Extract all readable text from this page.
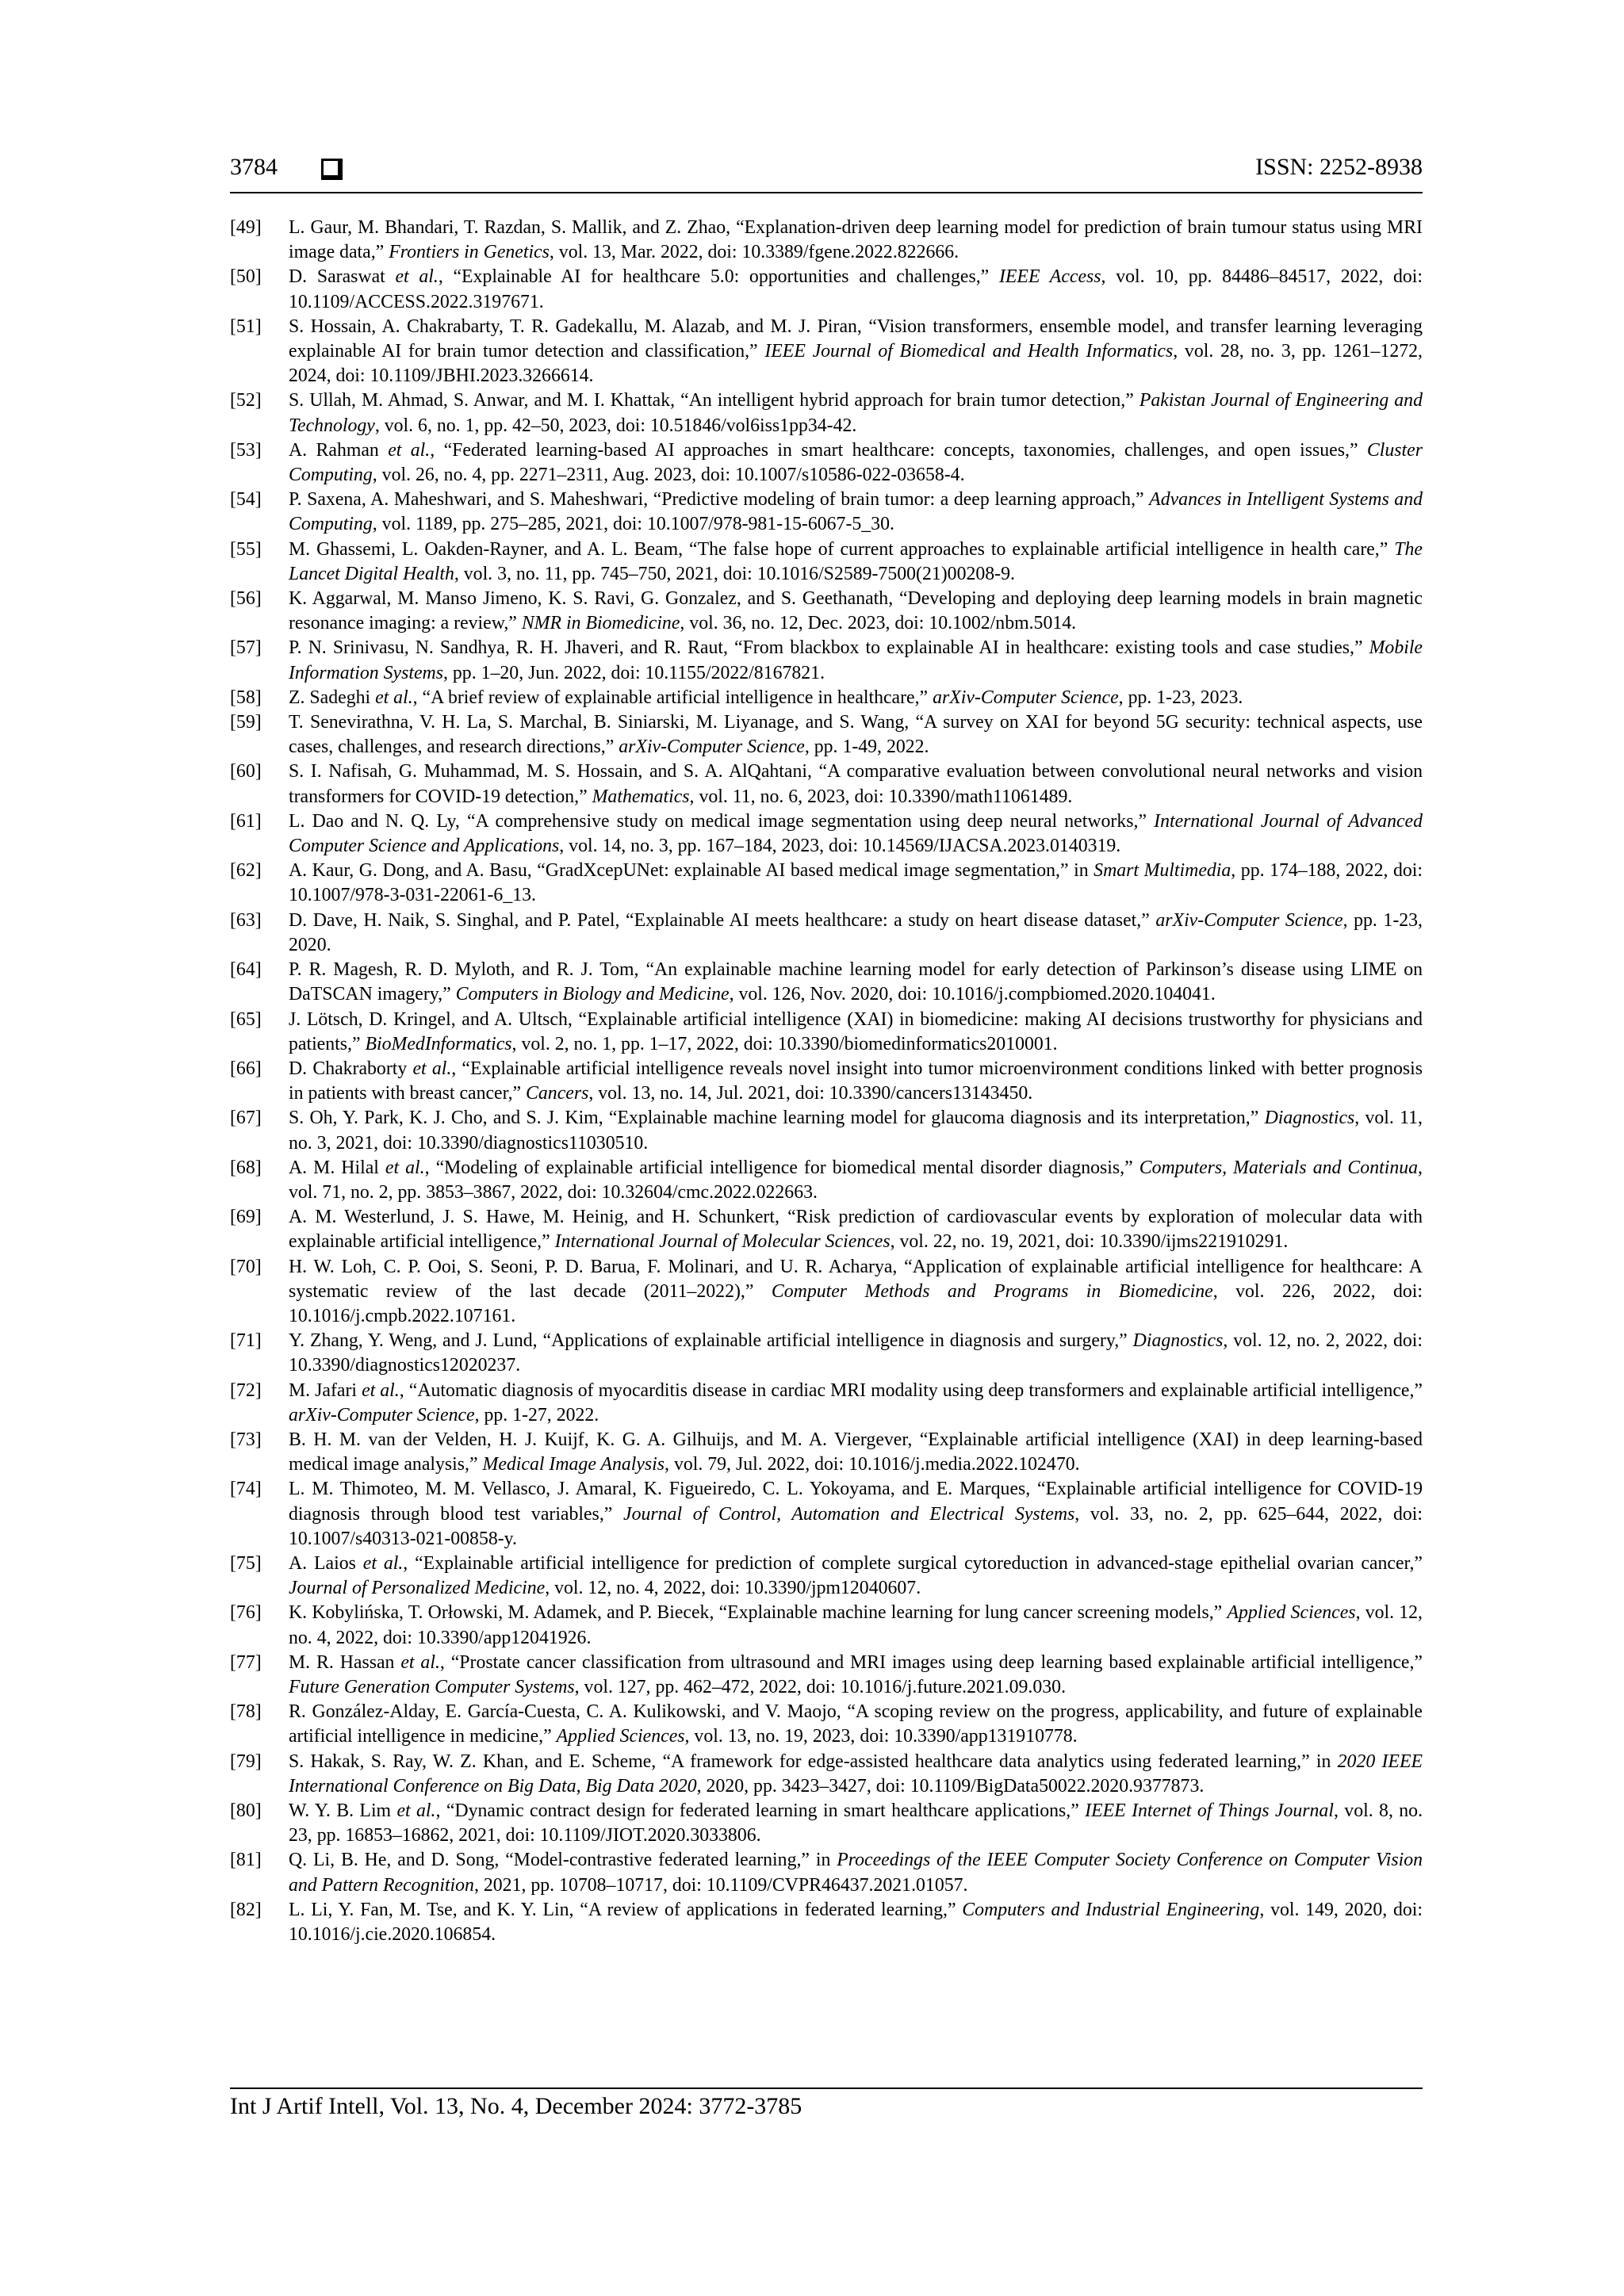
3784	ISSN: 2252-8938
[49] L. Gaur, M. Bhandari, T. Razdan, S. Mallik, and Z. Zhao, “Explanation-driven deep learning model for prediction of brain tumour status using MRI image data,” Frontiers in Genetics, vol. 13, Mar. 2022, doi: 10.3389/fgene.2022.822666.
[50] D. Saraswat et al., “Explainable AI for healthcare 5.0: opportunities and challenges,” IEEE Access, vol. 10, pp. 84486–84517, 2022, doi: 10.1109/ACCESS.2022.3197671.
[51] S. Hossain, A. Chakrabarty, T. R. Gadekallu, M. Alazab, and M. J. Piran, “Vision transformers, ensemble model, and transfer learning leveraging explainable AI for brain tumor detection and classification,” IEEE Journal of Biomedical and Health Informatics, vol. 28, no. 3, pp. 1261–1272, 2024, doi: 10.1109/JBHI.2023.3266614.
[52] S. Ullah, M. Ahmad, S. Anwar, and M. I. Khattak, “An intelligent hybrid approach for brain tumor detection,” Pakistan Journal of Engineering and Technology, vol. 6, no. 1, pp. 42–50, 2023, doi: 10.51846/vol6iss1pp34-42.
[53] A. Rahman et al., “Federated learning-based AI approaches in smart healthcare: concepts, taxonomies, challenges, and open issues,” Cluster Computing, vol. 26, no. 4, pp. 2271–2311, Aug. 2023, doi: 10.1007/s10586-022-03658-4.
[54] P. Saxena, A. Maheshwari, and S. Maheshwari, “Predictive modeling of brain tumor: a deep learning approach,” Advances in Intelligent Systems and Computing, vol. 1189, pp. 275–285, 2021, doi: 10.1007/978-981-15-6067-5_30.
[55] M. Ghassemi, L. Oakden-Rayner, and A. L. Beam, “The false hope of current approaches to explainable artificial intelligence in health care,” The Lancet Digital Health, vol. 3, no. 11, pp. 745–750, 2021, doi: 10.1016/S2589-7500(21)00208-9.
[56] K. Aggarwal, M. Manso Jimeno, K. S. Ravi, G. Gonzalez, and S. Geethanath, “Developing and deploying deep learning models in brain magnetic resonance imaging: a review,” NMR in Biomedicine, vol. 36, no. 12, Dec. 2023, doi: 10.1002/nbm.5014.
[57] P. N. Srinivasu, N. Sandhya, R. H. Jhaveri, and R. Raut, “From blackbox to explainable AI in healthcare: existing tools and case studies,” Mobile Information Systems, pp. 1–20, Jun. 2022, doi: 10.1155/2022/8167821.
[58] Z. Sadeghi et al., “A brief review of explainable artificial intelligence in healthcare,” arXiv-Computer Science, pp. 1-23, 2023.
[59] T. Senevirathna, V. H. La, S. Marchal, B. Siniarski, M. Liyanage, and S. Wang, “A survey on XAI for beyond 5G security: technical aspects, use cases, challenges, and research directions,” arXiv-Computer Science, pp. 1-49, 2022.
[60] S. I. Nafisah, G. Muhammad, M. S. Hossain, and S. A. AlQahtani, “A comparative evaluation between convolutional neural networks and vision transformers for COVID-19 detection,” Mathematics, vol. 11, no. 6, 2023, doi: 10.3390/math11061489.
[61] L. Dao and N. Q. Ly, “A comprehensive study on medical image segmentation using deep neural networks,” International Journal of Advanced Computer Science and Applications, vol. 14, no. 3, pp. 167–184, 2023, doi: 10.14569/IJACSA.2023.0140319.
[62] A. Kaur, G. Dong, and A. Basu, “GradXcepUNet: explainable AI based medical image segmentation,” in Smart Multimedia, pp. 174–188, 2022, doi: 10.1007/978-3-031-22061-6_13.
[63] D. Dave, H. Naik, S. Singhal, and P. Patel, “Explainable AI meets healthcare: a study on heart disease dataset,” arXiv-Computer Science, pp. 1-23, 2020.
[64] P. R. Magesh, R. D. Myloth, and R. J. Tom, “An explainable machine learning model for early detection of Parkinson’s disease using LIME on DaTSCAN imagery,” Computers in Biology and Medicine, vol. 126, Nov. 2020, doi: 10.1016/j.compbiomed.2020.104041.
[65] J. Lötsch, D. Kringel, and A. Ultsch, “Explainable artificial intelligence (XAI) in biomedicine: making AI decisions trustworthy for physicians and patients,” BioMedInformatics, vol. 2, no. 1, pp. 1–17, 2022, doi: 10.3390/biomedinformatics2010001.
[66] D. Chakraborty et al., “Explainable artificial intelligence reveals novel insight into tumor microenvironment conditions linked with better prognosis in patients with breast cancer,” Cancers, vol. 13, no. 14, Jul. 2021, doi: 10.3390/cancers13143450.
[67] S. Oh, Y. Park, K. J. Cho, and S. J. Kim, “Explainable machine learning model for glaucoma diagnosis and its interpretation,” Diagnostics, vol. 11, no. 3, 2021, doi: 10.3390/diagnostics11030510.
[68] A. M. Hilal et al., “Modeling of explainable artificial intelligence for biomedical mental disorder diagnosis,” Computers, Materials and Continua, vol. 71, no. 2, pp. 3853–3867, 2022, doi: 10.32604/cmc.2022.022663.
[69] A. M. Westerlund, J. S. Hawe, M. Heinig, and H. Schunkert, “Risk prediction of cardiovascular events by exploration of molecular data with explainable artificial intelligence,” International Journal of Molecular Sciences, vol. 22, no. 19, 2021, doi: 10.3390/ijms221910291.
[70] H. W. Loh, C. P. Ooi, S. Seoni, P. D. Barua, F. Molinari, and U. R. Acharya, “Application of explainable artificial intelligence for healthcare: A systematic review of the last decade (2011–2022),” Computer Methods and Programs in Biomedicine, vol. 226, 2022, doi: 10.1016/j.cmpb.2022.107161.
[71] Y. Zhang, Y. Weng, and J. Lund, “Applications of explainable artificial intelligence in diagnosis and surgery,” Diagnostics, vol. 12, no. 2, 2022, doi: 10.3390/diagnostics12020237.
[72] M. Jafari et al., “Automatic diagnosis of myocarditis disease in cardiac MRI modality using deep transformers and explainable artificial intelligence,” arXiv-Computer Science, pp. 1-27, 2022.
[73] B. H. M. van der Velden, H. J. Kuijf, K. G. A. Gilhuijs, and M. A. Viergever, “Explainable artificial intelligence (XAI) in deep learning-based medical image analysis,” Medical Image Analysis, vol. 79, Jul. 2022, doi: 10.1016/j.media.2022.102470.
[74] L. M. Thimoteo, M. M. Vellasco, J. Amaral, K. Figueiredo, C. L. Yokoyama, and E. Marques, “Explainable artificial intelligence for COVID-19 diagnosis through blood test variables,” Journal of Control, Automation and Electrical Systems, vol. 33, no. 2, pp. 625–644, 2022, doi: 10.1007/s40313-021-00858-y.
[75] A. Laios et al., “Explainable artificial intelligence for prediction of complete surgical cytoreduction in advanced-stage epithelial ovarian cancer,” Journal of Personalized Medicine, vol. 12, no. 4, 2022, doi: 10.3390/jpm12040607.
[76] K. Kobylińska, T. Orłowski, M. Adamek, and P. Biecek, “Explainable machine learning for lung cancer screening models,” Applied Sciences, vol. 12, no. 4, 2022, doi: 10.3390/app12041926.
[77] M. R. Hassan et al., “Prostate cancer classification from ultrasound and MRI images using deep learning based explainable artificial intelligence,” Future Generation Computer Systems, vol. 127, pp. 462–472, 2022, doi: 10.1016/j.future.2021.09.030.
[78] R. González-Alday, E. García-Cuesta, C. A. Kulikowski, and V. Maojo, “A scoping review on the progress, applicability, and future of explainable artificial intelligence in medicine,” Applied Sciences, vol. 13, no. 19, 2023, doi: 10.3390/app131910778.
[79] S. Hakak, S. Ray, W. Z. Khan, and E. Scheme, “A framework for edge-assisted healthcare data analytics using federated learning,” in 2020 IEEE International Conference on Big Data, Big Data 2020, 2020, pp. 3423–3427, doi: 10.1109/BigData50022.2020.9377873.
[80] W. Y. B. Lim et al., “Dynamic contract design for federated learning in smart healthcare applications,” IEEE Internet of Things Journal, vol. 8, no. 23, pp. 16853–16862, 2021, doi: 10.1109/JIOT.2020.3033806.
[81] Q. Li, B. He, and D. Song, “Model-contrastive federated learning,” in Proceedings of the IEEE Computer Society Conference on Computer Vision and Pattern Recognition, 2021, pp. 10708–10717, doi: 10.1109/CVPR46437.2021.01057.
[82] L. Li, Y. Fan, M. Tse, and K. Y. Lin, “A review of applications in federated learning,” Computers and Industrial Engineering, vol. 149, 2020, doi: 10.1016/j.cie.2020.106854.
Int J Artif Intell, Vol. 13, No. 4, December 2024: 3772-3785
